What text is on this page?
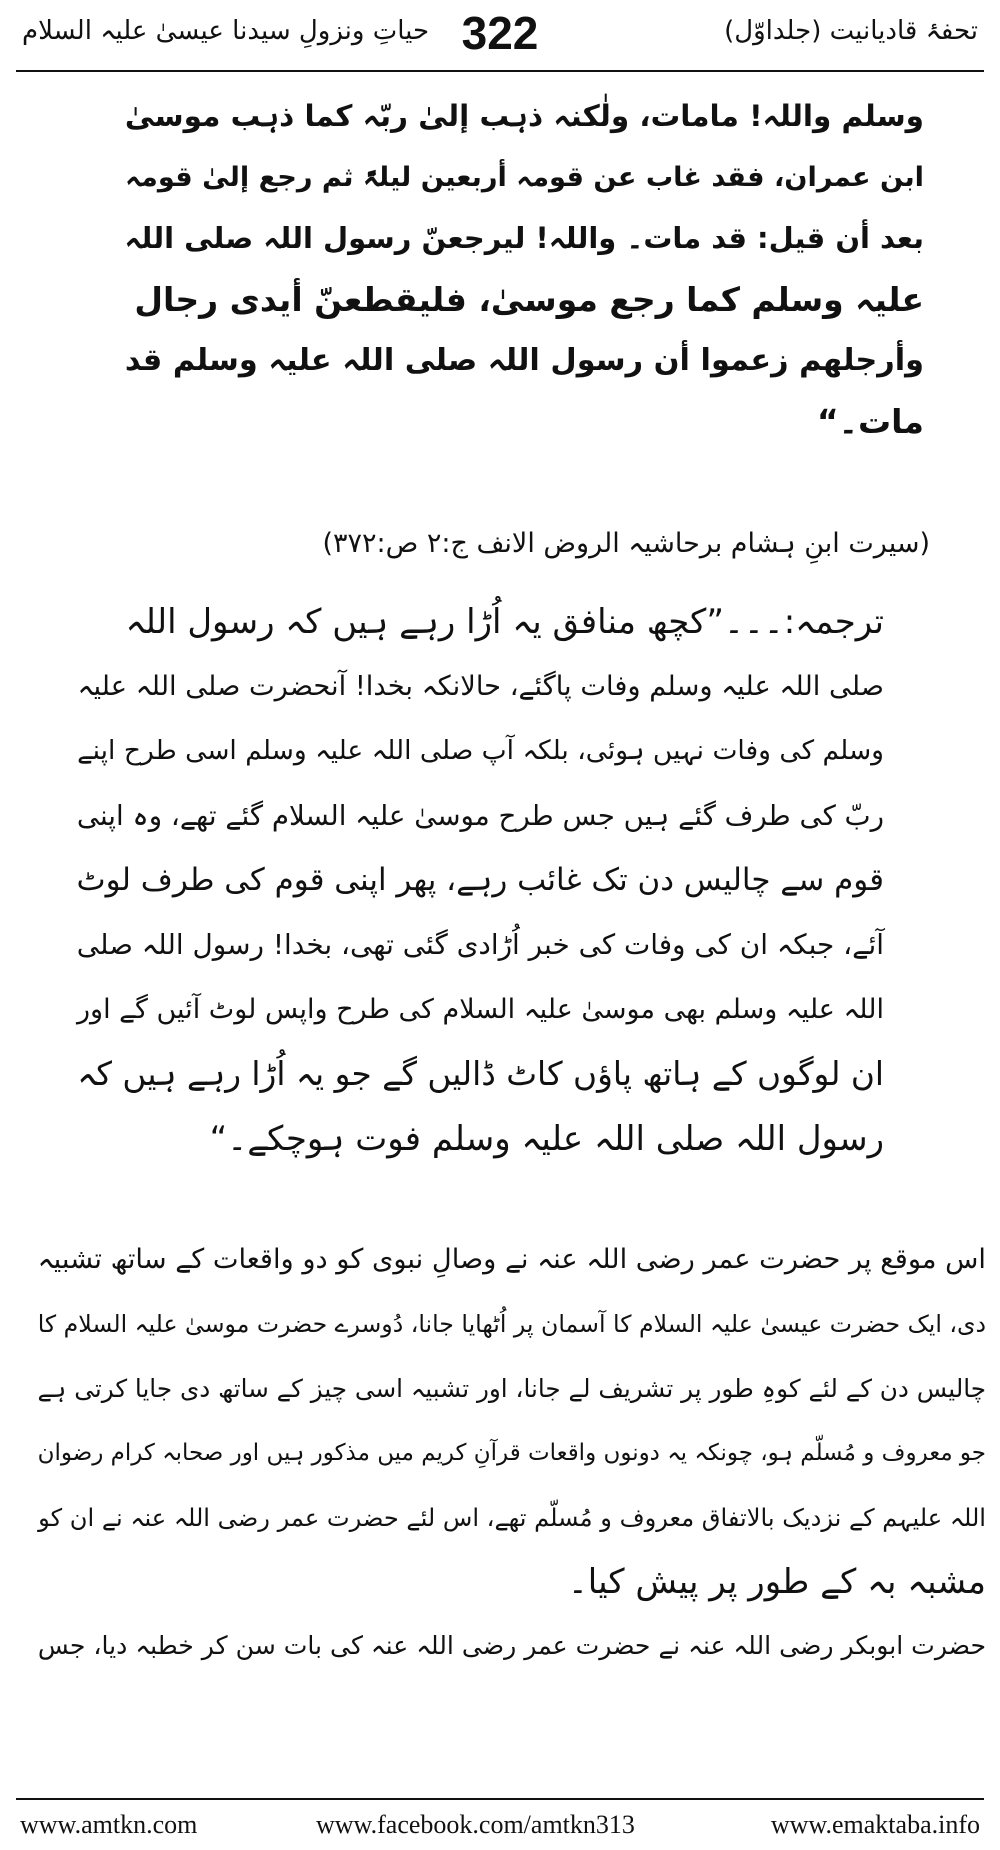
تحفۂ قادیانیت (جلداوّل)
322
حیاتِ ونزولِ سیدنا عیسیٰ علیہ السلام
وسلم واللہ! مامات، ولٰکنہ ذہب إلیٰ ربّہ کما ذہب موسیٰ
ابن عمران، فقد غاب عن قومہ أربعین لیلۃً ثم رجع إلیٰ قومہ
بعد أن قیل: قد مات۔ واللہ! لیرجعنّ رسول اللہ صلی اللہ
علیہ وسلم کما رجع موسیٰ، فلیقطعنّ أیدی رجال
وأرجلھم زعموا أن رسول اللہ صلی اللہ علیہ وسلم قد
مات۔“
(سیرت ابنِ ہشام برحاشیہ الروض الانف ج:۲ ص:۳۷۲)
ترجمہ:۔۔۔”کچھ منافق یہ اُڑا رہے ہیں کہ رسول اللہ
صلی اللہ علیہ وسلم وفات پاگئے، حالانکہ بخدا! آنحضرت صلی اللہ علیہ
وسلم کی وفات نہیں ہوئی، بلکہ آپ صلی اللہ علیہ وسلم اسی طرح اپنے
ربّ کی طرف گئے ہیں جس طرح موسیٰ علیہ السلام گئے تھے، وہ اپنی
قوم سے چالیس دن تک غائب رہے، پھر اپنی قوم کی طرف لوٹ
آئے، جبکہ ان کی وفات کی خبر اُڑادی گئی تھی، بخدا! رسول اللہ صلی
اللہ علیہ وسلم بھی موسیٰ علیہ السلام کی طرح واپس لوٹ آئیں گے اور
ان لوگوں کے ہاتھ پاؤں کاٹ ڈالیں گے جو یہ اُڑا رہے ہیں کہ
رسول اللہ صلی اللہ علیہ وسلم فوت ہوچکے۔“
اس موقع پر حضرت عمر رضی اللہ عنہ نے وصالِ نبوی کو دو واقعات کے ساتھ تشبیہ
دی، ایک حضرت عیسیٰ علیہ السلام کا آسمان پر اُٹھایا جانا، دُوسرے حضرت موسیٰ علیہ السلام کا
چالیس دن کے لئے کوہِ طور پر تشریف لے جانا، اور تشبیہ اسی چیز کے ساتھ دی جایا کرتی ہے
جو معروف و مُسلّم ہو، چونکہ یہ دونوں واقعات قرآنِ کریم میں مذکور ہیں اور صحابہ کرام رضوان
اللہ علیہم کے نزدیک بالاتفاق معروف و مُسلّم تھے، اس لئے حضرت عمر رضی اللہ عنہ نے ان کو
مشبہ بہ کے طور پر پیش کیا۔
حضرت ابوبکر رضی اللہ عنہ نے حضرت عمر رضی اللہ عنہ کی بات سن کر خطبہ دیا، جس
www.amtkn.com	www.facebook.com/amtkn313	www.emaktaba.info
